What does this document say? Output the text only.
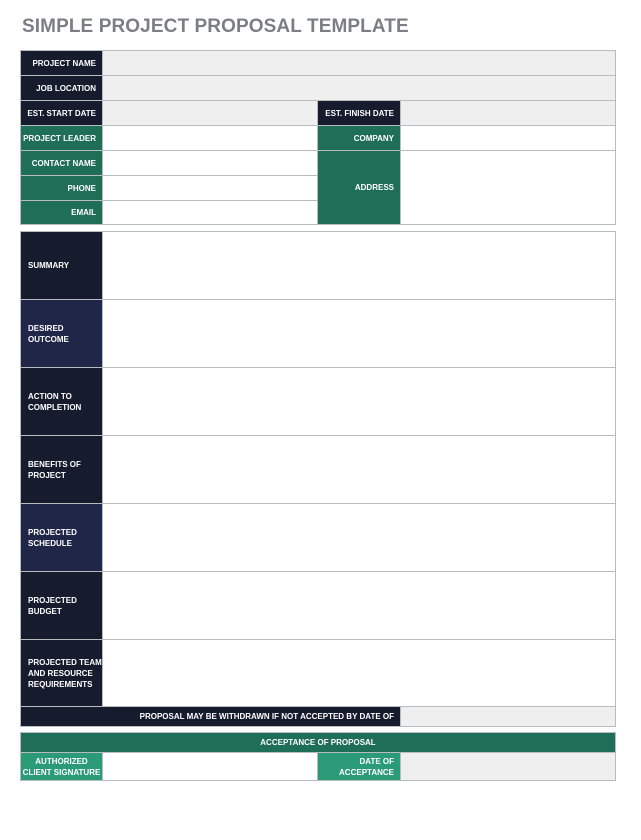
SIMPLE PROJECT PROPOSAL TEMPLATE
PROJECT NAME
JOB LOCATION
EST. START DATE	EST. FINISH DATE
PROJECT LEADER	COMPANY
CONTACT NAME
PHONE
EMAIL
ADDRESS
SUMMARY
DESIRED OUTCOME
ACTION TO COMPLETION
BENEFITS OF PROJECT
PROJECTED SCHEDULE
PROJECTED BUDGET
PROJECTED TEAM AND RESOURCE REQUIREMENTS
PROPOSAL MAY BE WITHDRAWN IF NOT ACCEPTED BY DATE OF
ACCEPTANCE OF PROPOSAL
AUTHORIZED CLIENT SIGNATURE
DATE OF ACCEPTANCE
